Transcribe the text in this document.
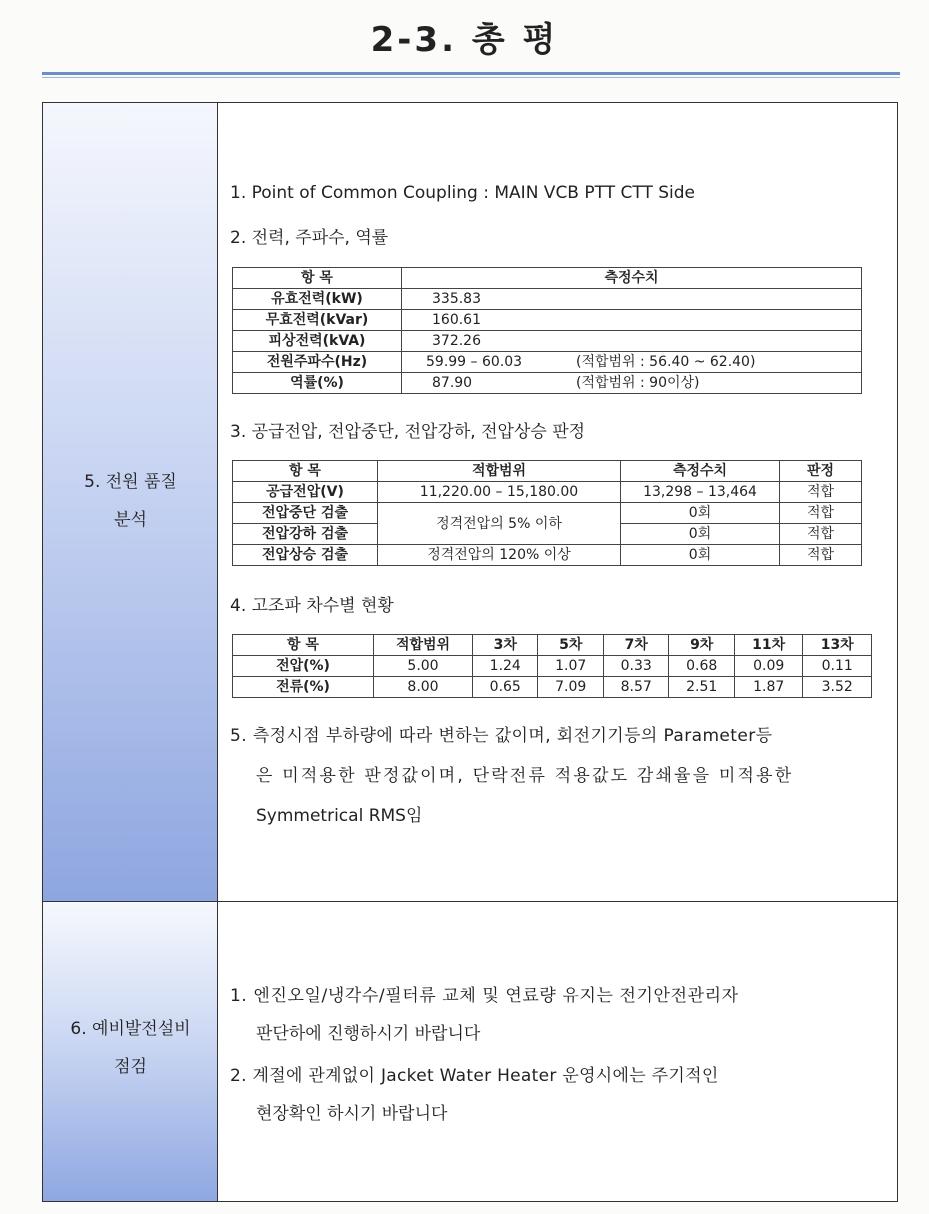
2-3. 총 평
5. 전원 품질
분석
1. Point of Common Coupling : MAIN VCB PTT CTT Side
2. 전력, 주파수, 역률
항 목	측정수치	
유효전력(kW)	335.83	
무효전력(kVar)	160.61	
피상전력(kVA)	372.26	
전원주파수(Hz)	59.99 – 60.03	(적합범위 : 56.40 ~ 62.40)
역률(%)	87.90	(적합범위 : 90이상)
3. 공급전압, 전압중단, 전압강하, 전압상승 판정
항 목	적합범위	측정수치	판정
공급전압(V)	11,220.00 – 15,180.00	13,298 – 13,464	적합
전압중단 검출	정격전압의 5% 이하	0회	적합
전압강하 검출		0회	적합
전압상승 검출	정격전압의 120% 이상	0회	적합
4. 고조파 차수별 현황
항 목	적합범위	3차	5차	7차	9차	11차	13차
전압(%)	5.00	1.24	1.07	0.33	0.68	0.09	0.11
전류(%)	8.00	0.65	7.09	8.57	2.51	1.87	3.52
5. 측정시점 부하량에 따라 변하는 값이며, 회전기기등의 Parameter등
은 미적용한 판정값이며, 단락전류 적용값도 감쇄율을 미적용한
Symmetrical RMS임
6. 예비발전설비
점검
1. 엔진오일/냉각수/필터류 교체 및 연료량 유지는 전기안전관리자
판단하에 진행하시기 바랍니다
2. 계절에 관계없이 Jacket Water Heater 운영시에는 주기적인
현장확인 하시기 바랍니다
